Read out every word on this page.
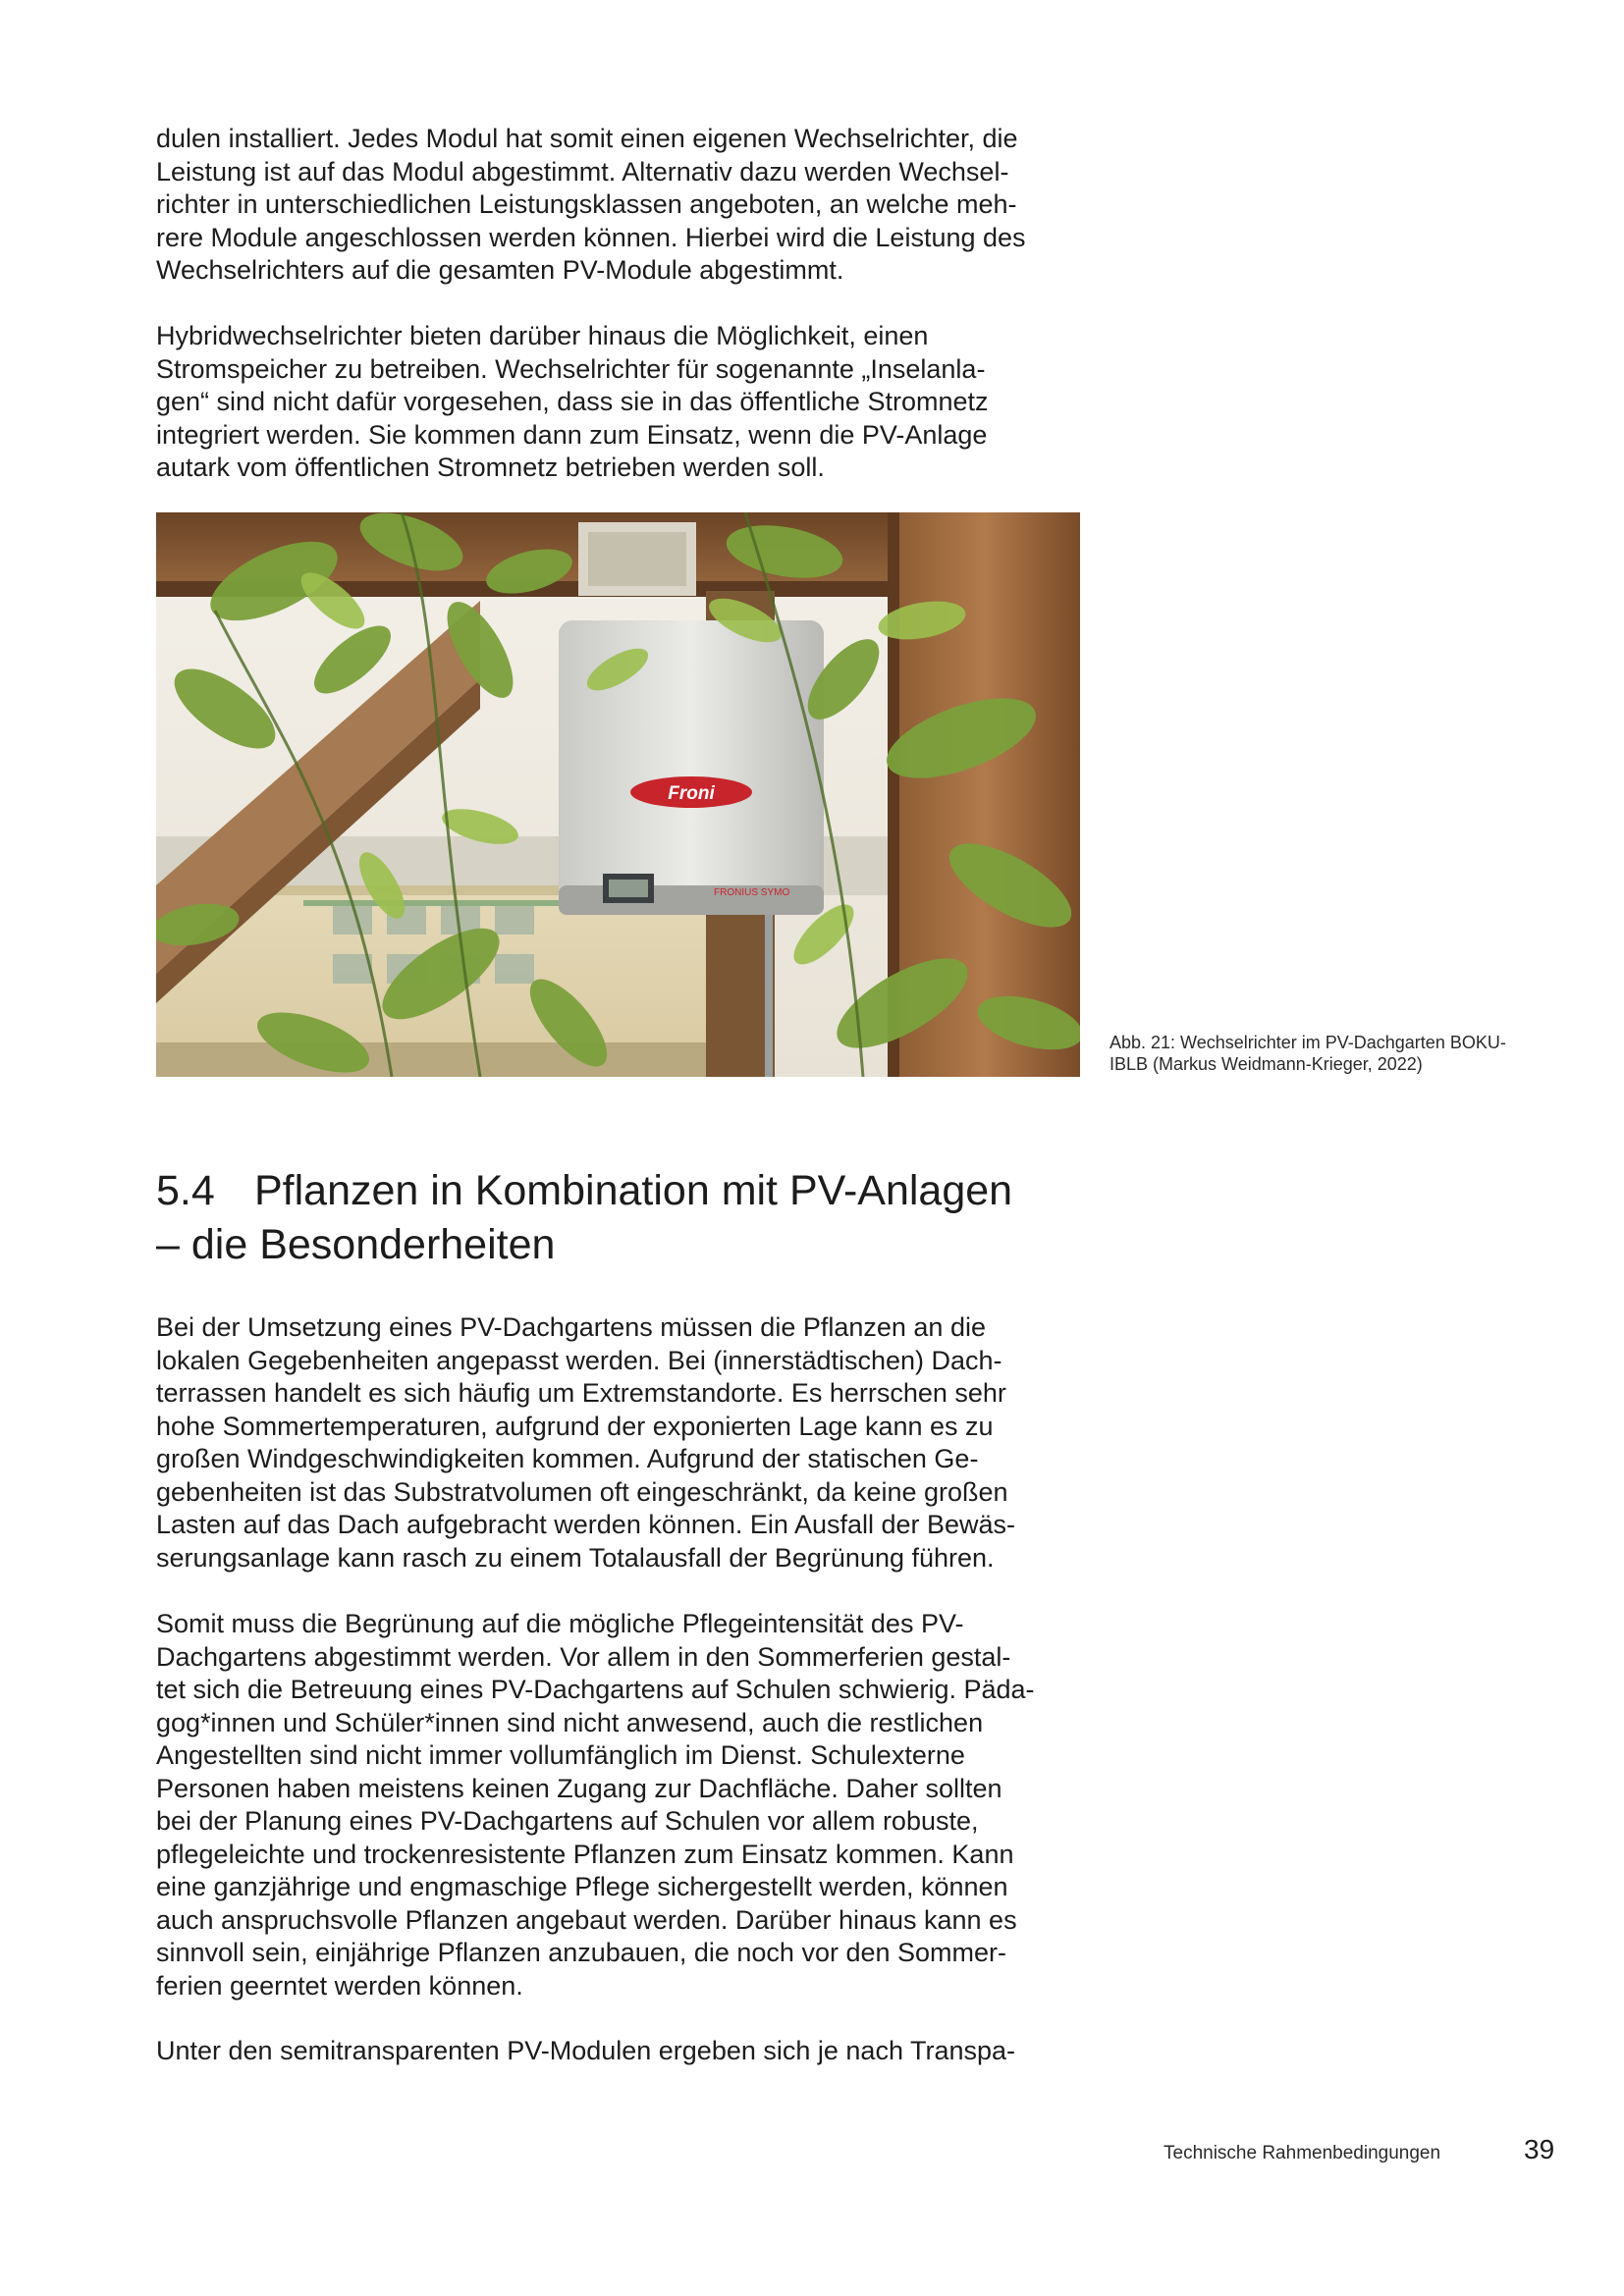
dulen installiert. Jedes Modul hat somit einen eigenen Wechselrichter, die
Leistung ist auf das Modul abgestimmt. Alternativ dazu werden Wechsel-
richter in unterschiedlichen Leistungsklassen angeboten, an welche meh-
rere Module angeschlossen werden können. Hierbei wird die Leistung des
Wechselrichters auf die gesamten PV-Module abgestimmt.

Hybridwechselrichter bieten darüber hinaus die Möglichkeit, einen
Stromspeicher zu betreiben. Wechselrichter für sogenannte „Inselanla-
gen“ sind nicht dafür vorgesehen, dass sie in das öffentliche Stromnetz
integriert werden. Sie kommen dann zum Einsatz, wenn die PV-Anlage
autark vom öffentlichen Stromnetz betrieben werden soll.

Froni
FRONIUS SYMO
Abb. 21: Wechselrichter im PV-Dachgarten BOKU-
IBLB (Markus Weidmann-Krieger, 2022)
5.4 Pflanzen in Kombination mit PV-Anlagen
– die Besonderheiten

Bei der Umsetzung eines PV-Dachgartens müssen die Pflanzen an die
lokalen Gegebenheiten angepasst werden. Bei (innerstädtischen) Dach-
terrassen handelt es sich häufig um Extremstandorte. Es herrschen sehr
hohe Sommertemperaturen, aufgrund der exponierten Lage kann es zu
großen Windgeschwindigkeiten kommen. Aufgrund der statischen Ge-
gebenheiten ist das Substratvolumen oft eingeschränkt, da keine großen
Lasten auf das Dach aufgebracht werden können. Ein Ausfall der Bewäs-
serungsanlage kann rasch zu einem Totalausfall der Begrünung führen.

Somit muss die Begrünung auf die mögliche Pflegeintensität des PV-
Dachgartens abgestimmt werden. Vor allem in den Sommerferien gestal-
tet sich die Betreuung eines PV-Dachgartens auf Schulen schwierig. Päda-
gog*innen und Schüler*innen sind nicht anwesend, auch die restlichen
Angestellten sind nicht immer vollumfänglich im Dienst. Schulexterne
Personen haben meistens keinen Zugang zur Dachfläche. Daher sollten
bei der Planung eines PV-Dachgartens auf Schulen vor allem robuste,
pflegeleichte und trockenresistente Pflanzen zum Einsatz kommen. Kann
eine ganzjährige und engmaschige Pflege sichergestellt werden, können
auch anspruchsvolle Pflanzen angebaut werden. Darüber hinaus kann es
sinnvoll sein, einjährige Pflanzen anzubauen, die noch vor den Sommer-
ferien geerntet werden können.

Unter den semitransparenten PV-Modulen ergeben sich je nach Transpa-

Technische Rahmenbedingungen	39
